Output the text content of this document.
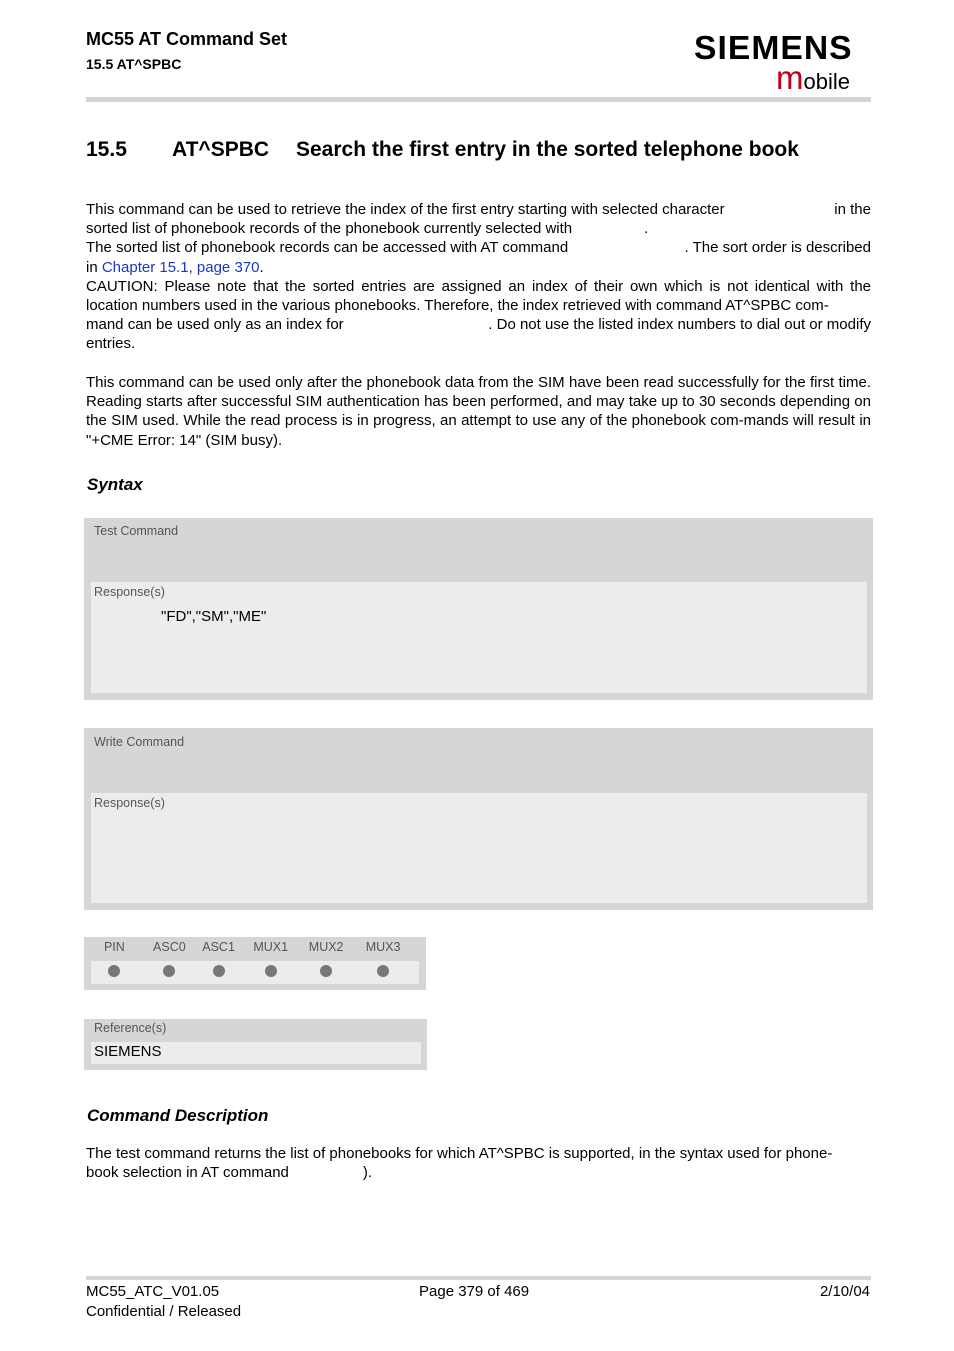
MC55 AT Command Set
15.5 AT^SPBC	SIEMENS
mobile
15.5 AT^SPBC Search the first entry in the sorted telephone book
This command can be used to retrieve the index of the first entry starting with selected character	in the
sorted list of phonebook records of the phonebook currently selected with	.
The sorted list of phonebook records can be accessed with AT command	. The sort order is described
in Chapter 15.1, page 370.

CAUTION: Please note that the sorted entries are assigned an index of their own which is not identical with the location numbers used in the various phonebooks. Therefore, the index retrieved with command AT^SPBC com-

mand can be used only as an index for	. Do not use the listed index numbers to dial out or modify
entries.
This command can be used only after the phonebook data from the SIM have been read successfully for the first time. Reading starts after successful SIM authentication has been performed, and may take up to 30 seconds depending on the SIM used. While the read process is in progress, an attempt to use any of the phonebook com-mands will result in "+CME Error: 14" (SIM busy).
Syntax
Test Command
Response(s)
"FD","SM","ME"
Write Command
Response(s)
PIN	ASC0	ASC1	MUX1	MUX2	MUX3
Reference(s)
SIEMENS
Command Description
The test command returns the list of phonebooks for which AT^SPBC is supported, in the syntax used for phone-
book selection in AT command	).
MC55_ATC_V01.05
Confidential / Released
Page 379 of 469	2/10/04
